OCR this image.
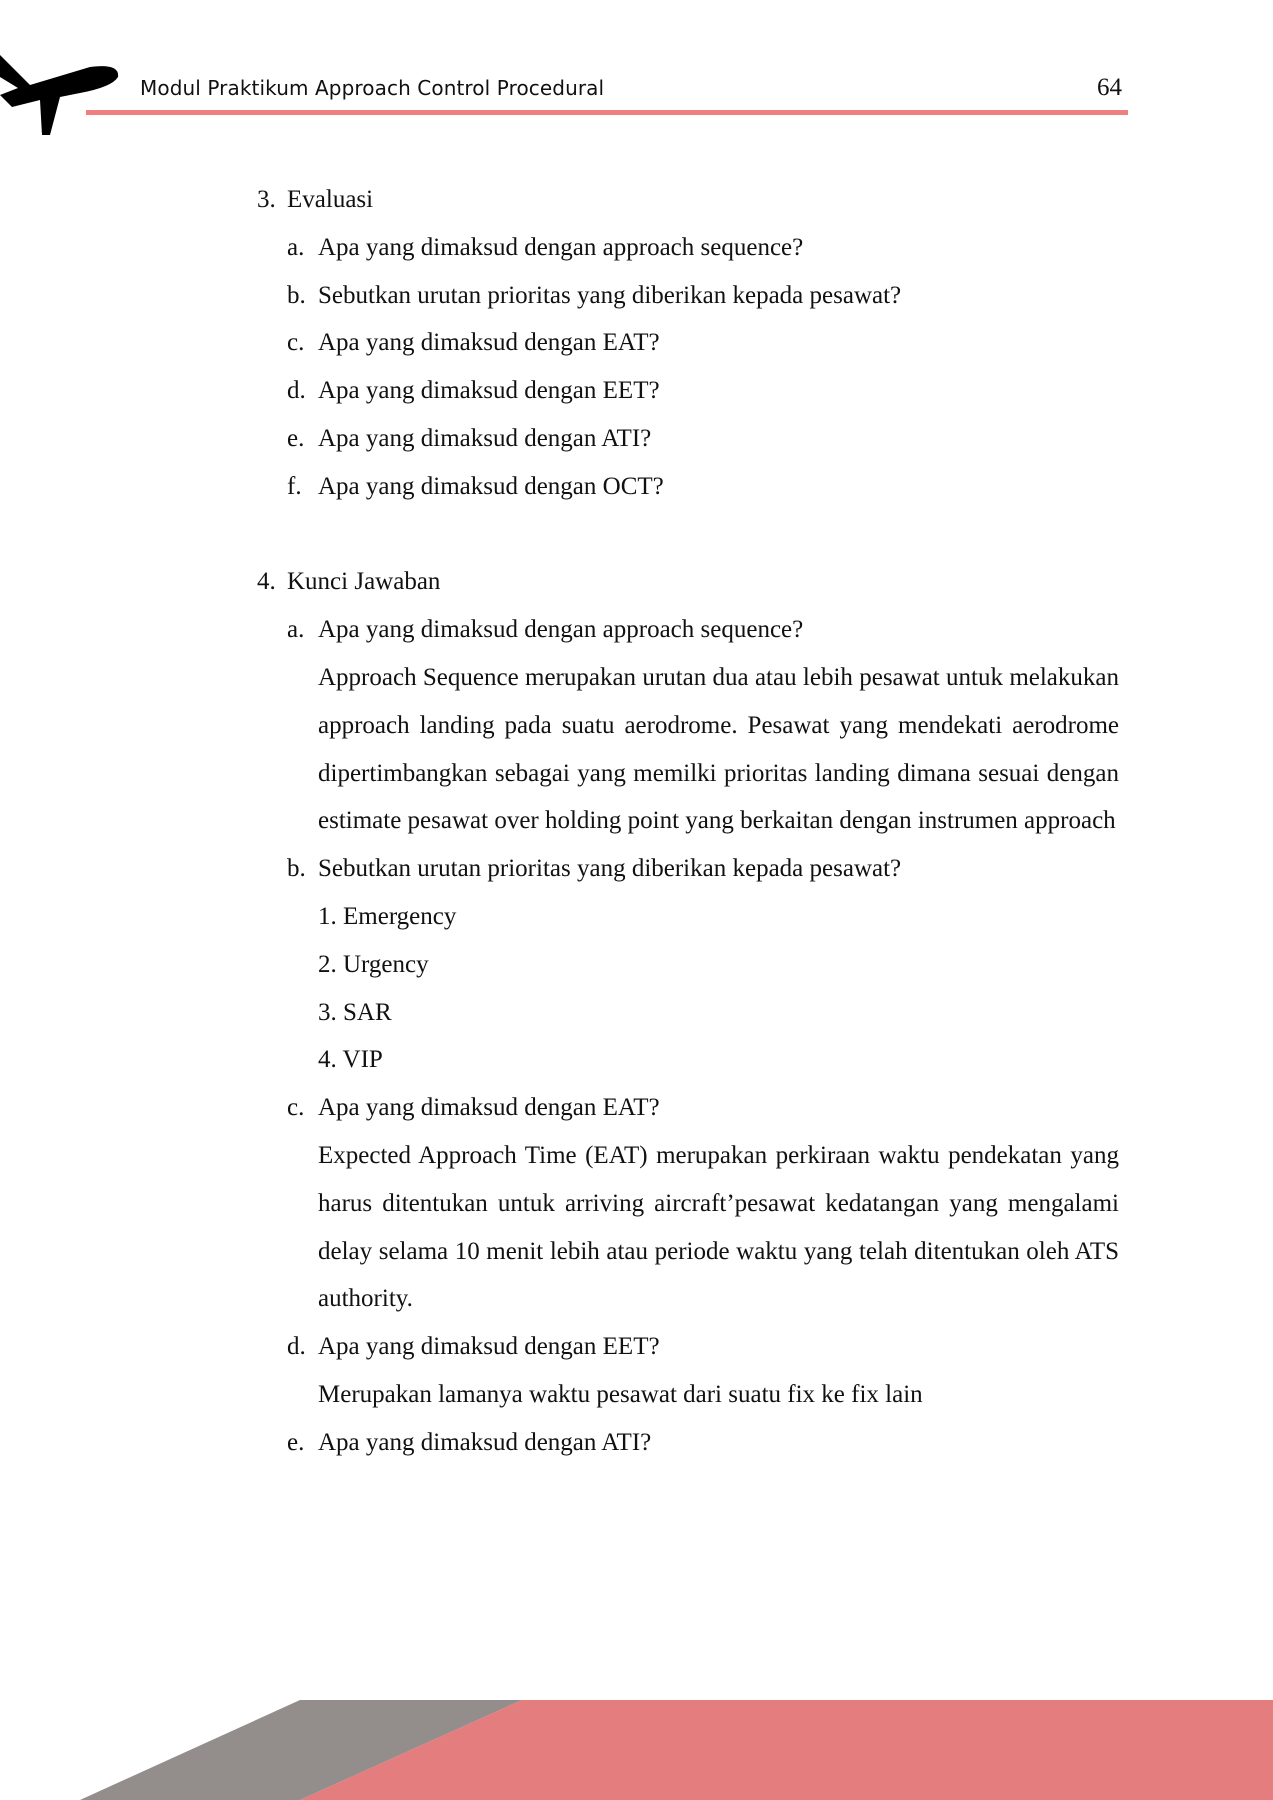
Modul Praktikum Approach Control Procedural	64
3. Evaluasi
a. Apa yang dimaksud dengan approach sequence?
b. Sebutkan urutan prioritas yang diberikan kepada pesawat?
c. Apa yang dimaksud dengan EAT?
d. Apa yang dimaksud dengan EET?
e. Apa yang dimaksud dengan ATI?
f. Apa yang dimaksud dengan OCT?
4. Kunci Jawaban
a. Apa yang dimaksud dengan approach sequence?
Approach Sequence merupakan urutan dua atau lebih pesawat untuk melakukan approach landing pada suatu aerodrome. Pesawat yang mendekati aerodrome dipertimbangkan sebagai yang memilki prioritas landing dimana sesuai dengan estimate pesawat over holding point yang berkaitan dengan instrumen approach
b. Sebutkan urutan prioritas yang diberikan kepada pesawat?
1. Emergency
2. Urgency
3. SAR
4. VIP
c. Apa yang dimaksud dengan EAT?
Expected Approach Time (EAT) merupakan perkiraan waktu pendekatan yang harus ditentukan untuk arriving aircraft’pesawat kedatangan yang mengalami delay selama 10 menit lebih atau periode waktu yang telah ditentukan oleh ATS authority.
d. Apa yang dimaksud dengan EET?
Merupakan lamanya waktu pesawat dari suatu fix ke fix lain
e. Apa yang dimaksud dengan ATI?
